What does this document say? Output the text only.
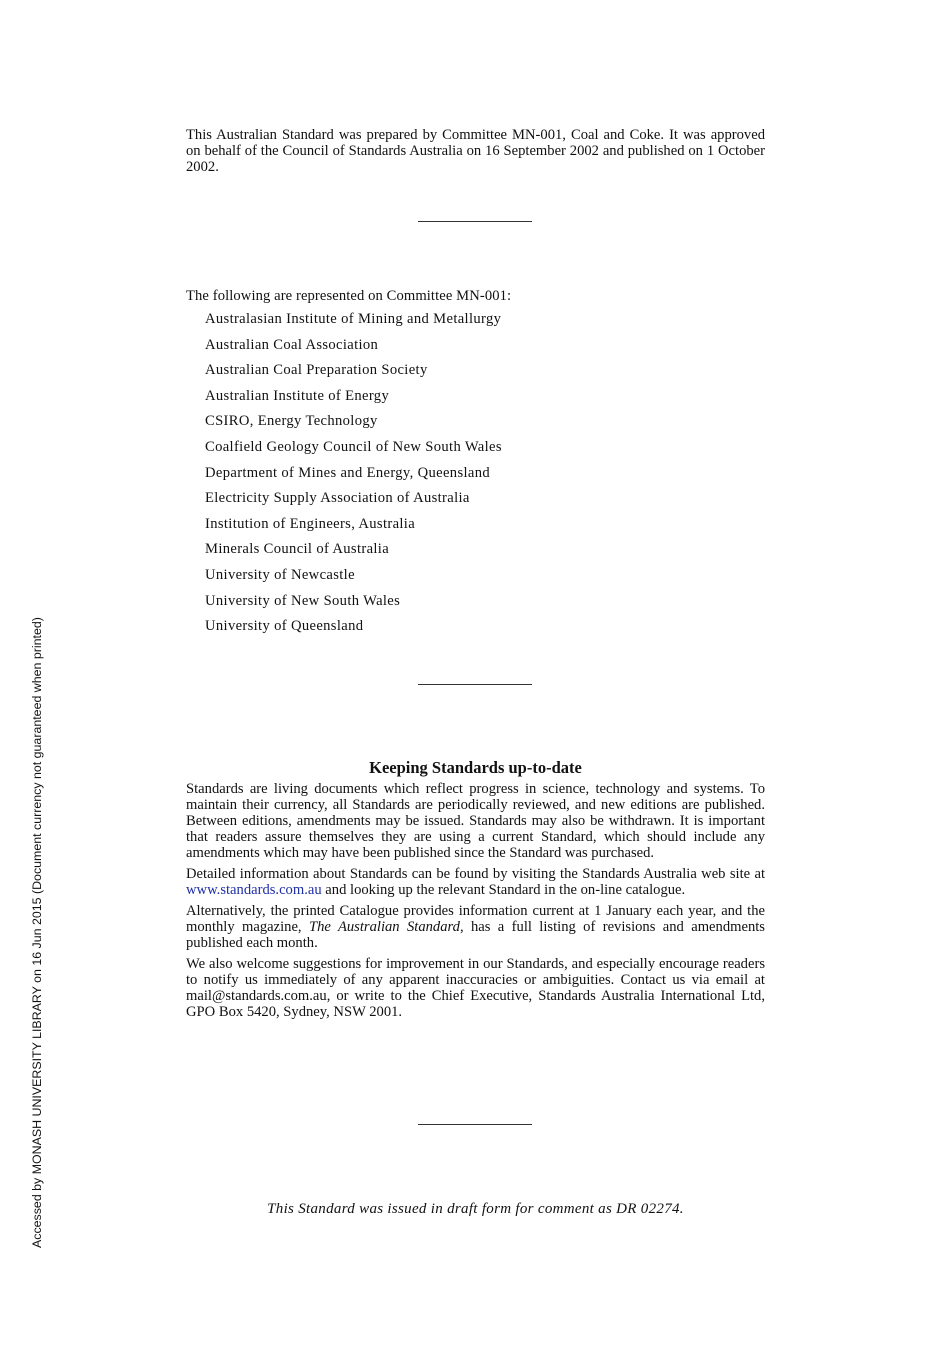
This Australian Standard was prepared by Committee MN-001, Coal and Coke. It was approved on behalf of the Council of Standards Australia on 16 September 2002 and published on 1 October 2002.
The following are represented on Committee MN-001:
Australasian Institute of Mining and Metallurgy
Australian Coal Association
Australian Coal Preparation Society
Australian Institute of Energy
CSIRO, Energy Technology
Coalfield Geology Council of New South Wales
Department of Mines and Energy, Queensland
Electricity Supply Association of Australia
Institution of Engineers, Australia
Minerals Council of Australia
University of Newcastle
University of New South Wales
University of Queensland
Keeping Standards up-to-date

Standards are living documents which reflect progress in science, technology and systems. To maintain their currency, all Standards are periodically reviewed, and new editions are published. Between editions, amendments may be issued. Standards may also be withdrawn. It is important that readers assure themselves they are using a current Standard, which should include any amendments which may have been published since the Standard was purchased.

Detailed information about Standards can be found by visiting the Standards Australia web site at www.standards.com.au and looking up the relevant Standard in the on-line catalogue.

Alternatively, the printed Catalogue provides information current at 1 January each year, and the monthly magazine, The Australian Standard, has a full listing of revisions and amendments published each month.

We also welcome suggestions for improvement in our Standards, and especially encourage readers to notify us immediately of any apparent inaccuracies or ambiguities. Contact us via email at mail@standards.com.au, or write to the Chief Executive, Standards Australia International Ltd, GPO Box 5420, Sydney, NSW 2001.

This Standard was issued in draft form for comment as DR 02274.
Accessed by MONASH UNIVERSITY LIBRARY on 16 Jun 2015 (Document currency not guaranteed when printed)
